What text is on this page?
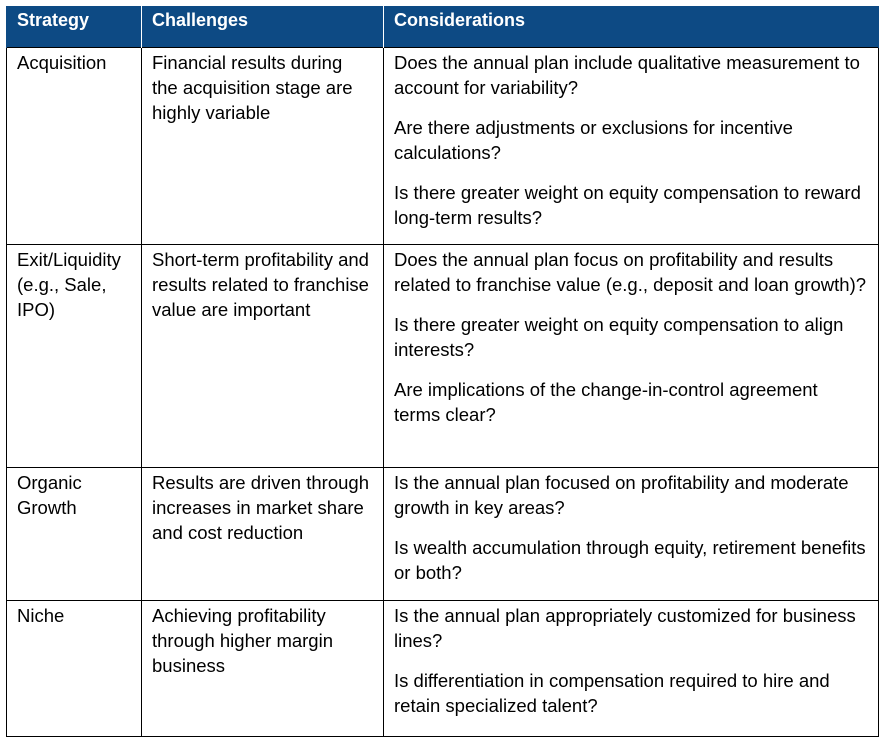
Strategy	Challenges	Considerations
Acquisition	Financial results during the acquisition stage are highly variable	Does the annual plan include qualitative measurement to account for variability?

Are there adjustments or exclusions for incentive calculations?

Is there greater weight on equity compensation to reward long-term results?

Exit/Liquidity (e.g., Sale, IPO)	Short-term profitability and results related to franchise value are important	Does the annual plan focus on profitability and results related to franchise value (e.g., deposit and loan growth)?

Is there greater weight on equity compensation to align interests?

Are implications of the change-in-control agreement terms clear?

Organic Growth	Results are driven through increases in market share and cost reduction	Is the annual plan focused on profitability and moderate growth in key areas?

Is wealth accumulation through equity, retirement benefits or both?

Niche	Achieving profitability through higher margin business	Is the annual plan appropriately customized for business lines?

Is differentiation in compensation required to hire and retain specialized talent?
